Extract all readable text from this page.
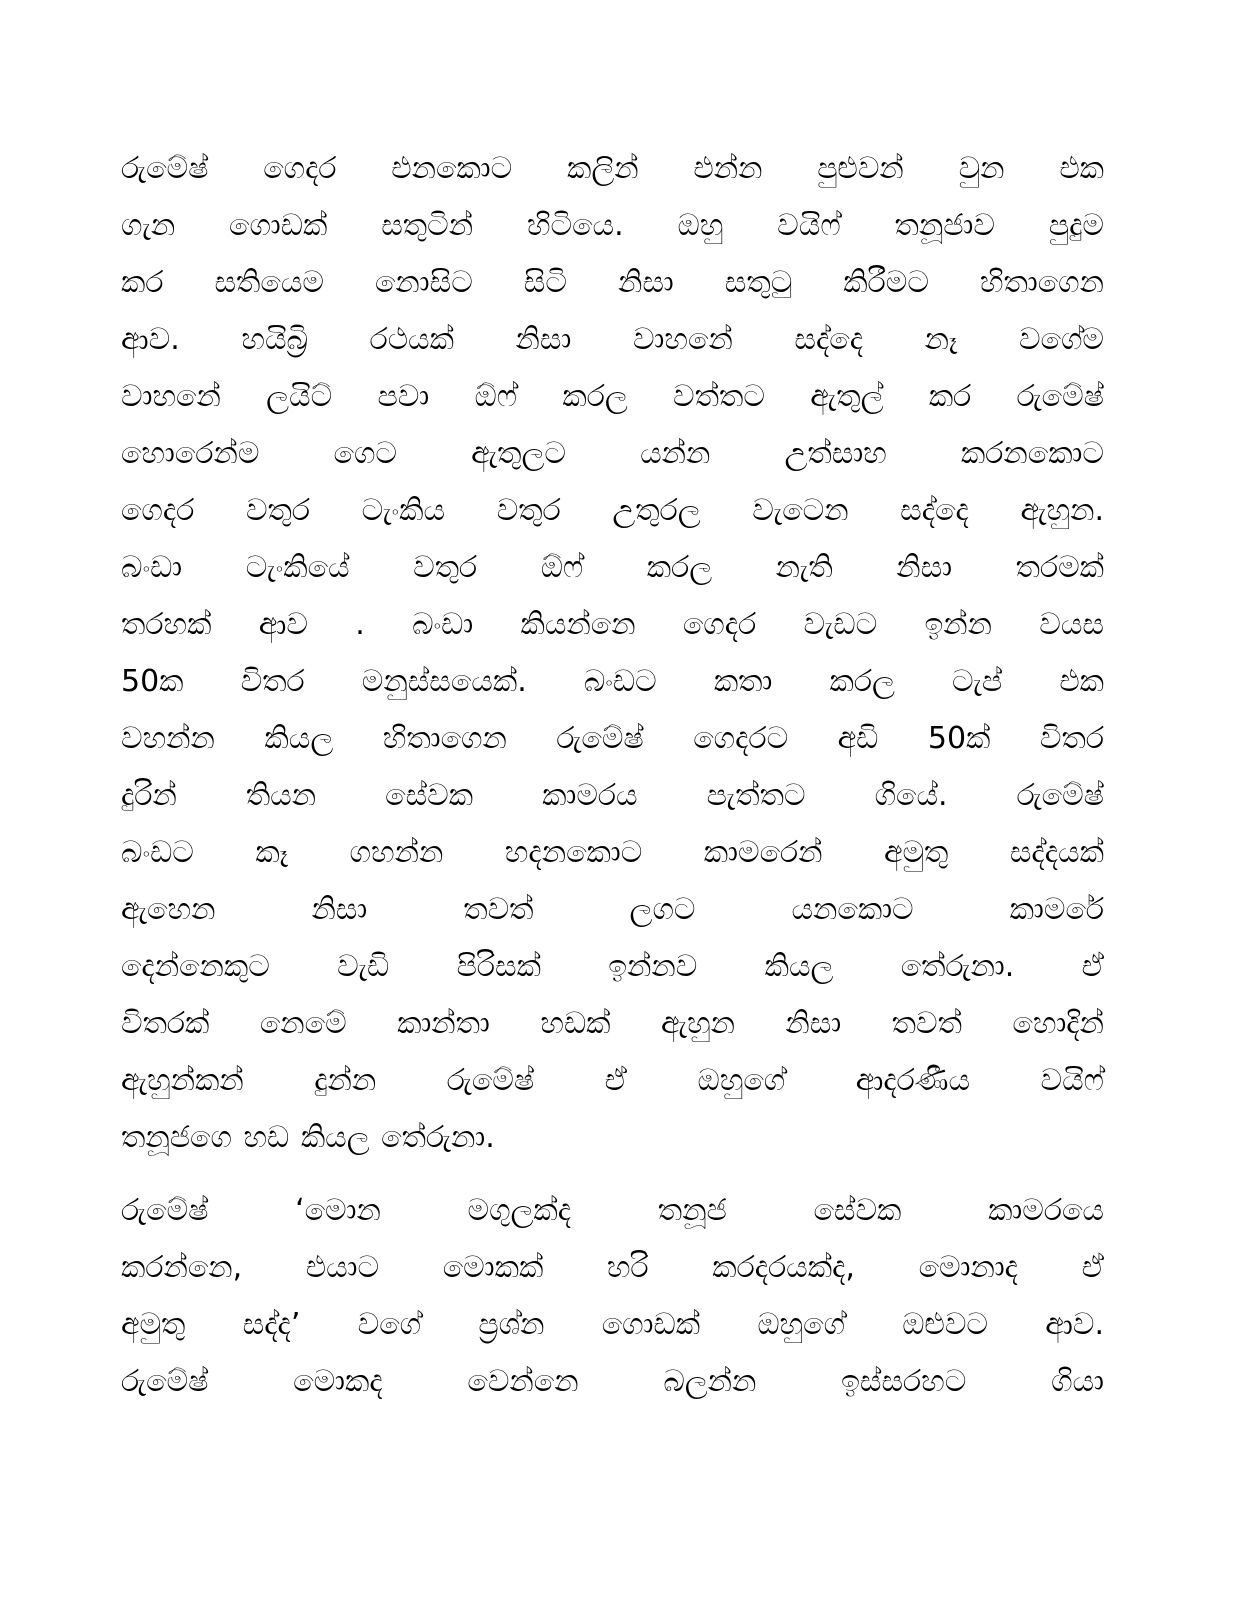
රුමේෂ් ගෙදර එනකොට කලින් එන්න පුළුවන් වුන එක
ගැන ගොඩක් සතුටින් හිටියෙ. ඔහු වයිෆ් තනූජාව පුදුම
කර සතියෙම නොසිට සිටි නිසා සතුටු කිරීමට හිතාගෙන
ආව. හයිබ්‍රි රථයක් නිසා වාහනේ සද්දෙ නෑ වගේම
වාහනේ ලයිට් පවා ඕෆ් කරල වත්තට ඇතුල් කර රුමේෂ්
හොරෙන්ම ගෙට ඇතුලට යන්න උත්සාහ කරනකොට
ගෙදර වතුර ටැංකිය වතුර උතුරල වැටෙන සද්දෙ ඇහුන.
බංඩා ටැංකියේ වතුර ඕෆ් කරල නැති නිසා තරමක්
තරහක් ආව . බංඩා කියන්නෙ ගෙදර වැඩට ඉන්න වයස
50ක විතර මනුස්සයෙක්. බංඩට කතා කරල ටැප් එක
වහන්න කියල හිතාගෙන රුමේෂ් ගෙදරට අඩි 50ක් විතර
දුරින් තියන සේවක කාමරය පැත්තට ගියේ. රුමේෂ්
බංඩට කෑ ගහන්න හදනකොට කාමරෙන් අමුතු සද්දයක්
ඇහෙන නිසා තවත් ලගට යනකොට කාමරේ
දෙන්නෙකුට වැඩි පිරිසක් ඉන්නව කියල තේරුනා. ඒ
විතරක් නෙමේ කාන්තා හඩක් ඇහුන නිසා තවත් හොදින්
ඇහුන්කන් දුන්න රුමේෂ් ඒ ඔහුගේ ආදරණීය වයිෆ්
තනූජගෙ හඩ කියල තේරුනා.
රුමේෂ් ‘මොන මගුලක්ද තනූජ සේවක කාමරයෙ
කරන්නෙ, එයාට මොකක් හරි කරදරයක්ද, මොනාද ඒ
අමුතු සද්ද’ වගේ ප්‍රශ්න ගොඩක් ඔහුගේ ඔළුවට ආව.
රුමේෂ් මොකද වෙන්නෙ බලන්න ඉස්සරහට ගියා
